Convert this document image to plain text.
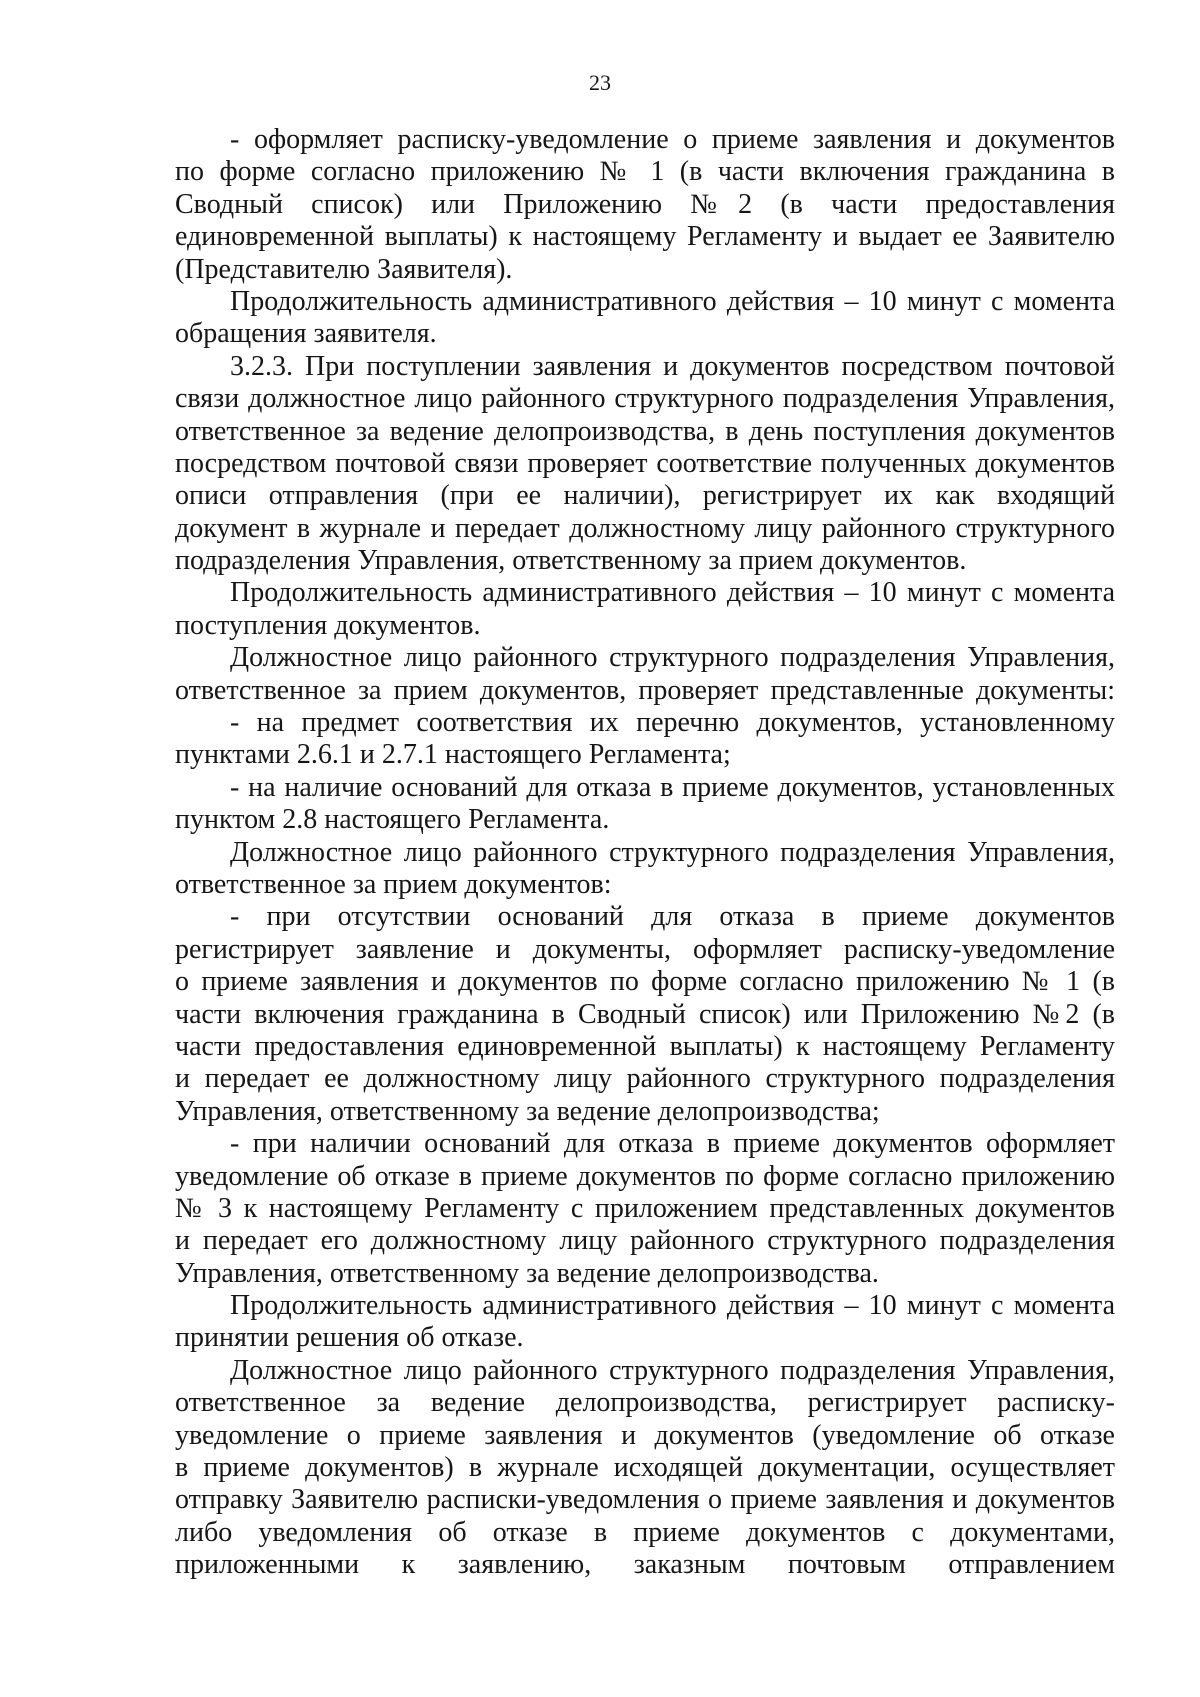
23
- оформляет расписку-уведомление о приеме заявления и документов
по форме согласно приложению № 1 (в части включения гражданина в
Сводный список) или Приложению №2 (в части предоставления
единовременной выплаты) к настоящему Регламенту и выдает ее Заявителю
(Представителю Заявителя).
Продолжительность административного действия – 10 минут с момента
обращения заявителя.
3.2.3. При поступлении заявления и документов посредством почтовой
связи должностное лицо районного структурного подразделения Управления,
ответственное за ведение делопроизводства, в день поступления документов
посредством почтовой связи проверяет соответствие полученных документов
описи отправления (при ее наличии), регистрирует их как входящий
документ в журнале и передает должностному лицу районного структурного
подразделения Управления, ответственному за прием документов.
Продолжительность административного действия – 10 минут с момента
поступления документов.
Должностное лицо районного структурного подразделения Управления,
ответственное за прием документов, проверяет представленные документы:
- на предмет соответствия их перечню документов, установленному
пунктами 2.6.1 и 2.7.1 настоящего Регламента;
- на наличие оснований для отказа в приеме документов, установленных
пунктом 2.8 настоящего Регламента.
Должностное лицо районного структурного подразделения Управления,
ответственное за прием документов:
- при отсутствии оснований для отказа в приеме документов
регистрирует заявление и документы, оформляет расписку-уведомление
о приеме заявления и документов по форме согласно приложению № 1 (в
части включения гражданина в Сводный список) или Приложению №2 (в
части предоставления единовременной выплаты) к настоящему Регламенту
и передает ее должностному лицу районного структурного подразделения
Управления, ответственному за ведение делопроизводства;
- при наличии оснований для отказа в приеме документов оформляет
уведомление об отказе в приеме документов по форме согласно приложению
№ 3 к настоящему Регламенту с приложением представленных документов
и передает его должностному лицу районного структурного подразделения
Управления, ответственному за ведение делопроизводства.
Продолжительность административного действия – 10 минут с момента
принятии решения об отказе.
Должностное лицо районного структурного подразделения Управления,
ответственное за ведение делопроизводства, регистрирует расписку-
уведомление о приеме заявления и документов (уведомление об отказе
в приеме документов) в журнале исходящей документации, осуществляет
отправку Заявителю расписки-уведомления о приеме заявления и документов
либо уведомления об отказе в приеме документов с документами,
приложенными к заявлению, заказным почтовым отправлением
